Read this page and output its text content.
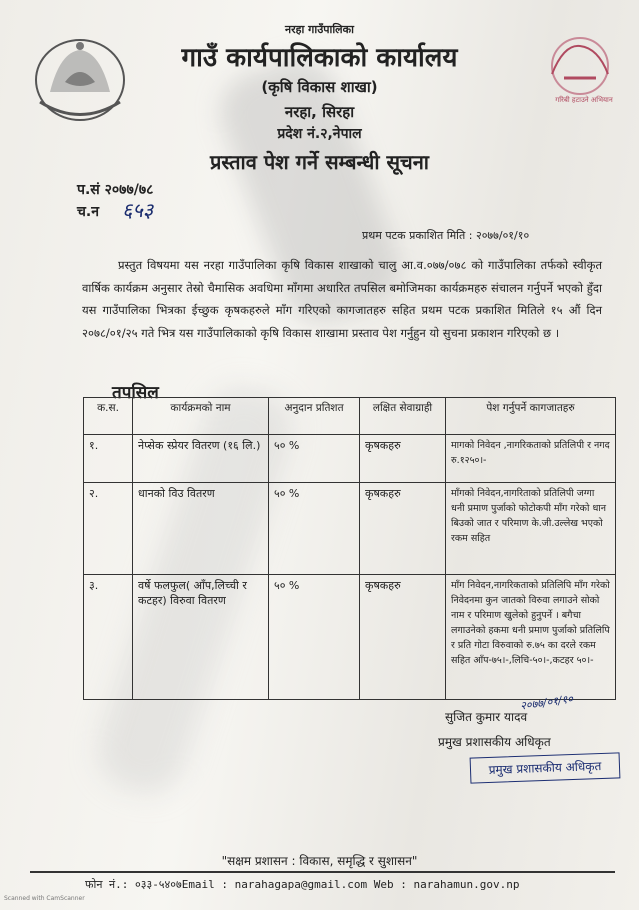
गरिबी हटाउने अभियान
नरहा गाउँपालिका
गाउँ कार्यपालिकाको कार्यालय
(कृषि विकास शाखा)
नरहा, सिरहा
प्रदेश नं.२,नेपाल
प्रस्ताव पेश गर्ने सम्बन्धी सूचना
प.सं २०७७/७८
च.न ६५३
प्रथम पटक प्रकाशित मिति : २०७७/०१/१०
प्रस्तुत विषयमा यस नरहा गाउँपालिका कृषि विकास शाखाको चालु आ.व.०७७/०७८ को गाउँपालिका तर्फको स्वीकृत वार्षिक कार्यक्रम अनुसार तेस्रो चैमासिक अवधिमा माँगमा अधारित तपसिल बमोजिमका कार्यक्रमहरु संचालन गर्नुपर्ने भएको हुँदा यस गाउँपालिका भित्रका ईच्छुक कृषकहरुले माँग गरिएको कागजातहरु सहित प्रथम पटक प्रकाशित मितिले १५ औं दिन २०७८/०१/२५ गते भित्र यस गाउँपालिकाको कृषि विकास शाखामा प्रस्ताव पेश गर्नुहुन यो सुचना प्रकाशन गरिएको छ ।
तपसिल
क.स.	कार्यक्रमको नाम	अनुदान प्रतिशत	लक्षित सेवाग्राही	पेश गर्नुपर्ने कागजातहरु
१.	नेप्सेक स्प्रेयर वितरण (१६ लि.)	५० %	कृषकहरु	मागको निवेदन ,नागरिकताको प्रतिलिपी र नगद रु.१२५०।-
२.	धानको विउ वितरण	५० %	कृषकहरु	माँगको निवेदन,नागरिताको प्रतिलिपी जग्गा धनी प्रमाण पुर्जाको फोटोकपी माँग गरेको धान बिउको जात र परिमाण के.जी.उल्लेख भएको रकम सहित
३.	वर्षे फलफुल( आँप,लिच्ची र कटहर) विरुवा वितरण	५० %	कृषकहरु	माँग निवेदन,नागरिकताको प्रतिलिपि माँग गरेको निवेदनमा कुन जातको विरुवा लगाउने सोको नाम र परिमाण खुलेको हुनुपर्ने । बगैचा लगाउनेको हकमा धनी प्रमाण पुर्जाको प्रतिलिपि र प्रति गोटा विरुवाको रु.७५ का दरले रकम सहित आँप-७५।-,लिचि-५०।-,कटहर ५०।-
२०७७/०१/१०
सुजित कुमार यादव
प्रमुख प्रशासकीय अधिकृत
प्रमुख प्रशासकीय अधिकृत
"सक्षम प्रशासन : विकास, समृद्धि र सुशासन"
फोन नं.: ०३३-५४०७Email : narahagapa@gmail.com Web : narahamun.gov.np
Scanned with CamScanner
